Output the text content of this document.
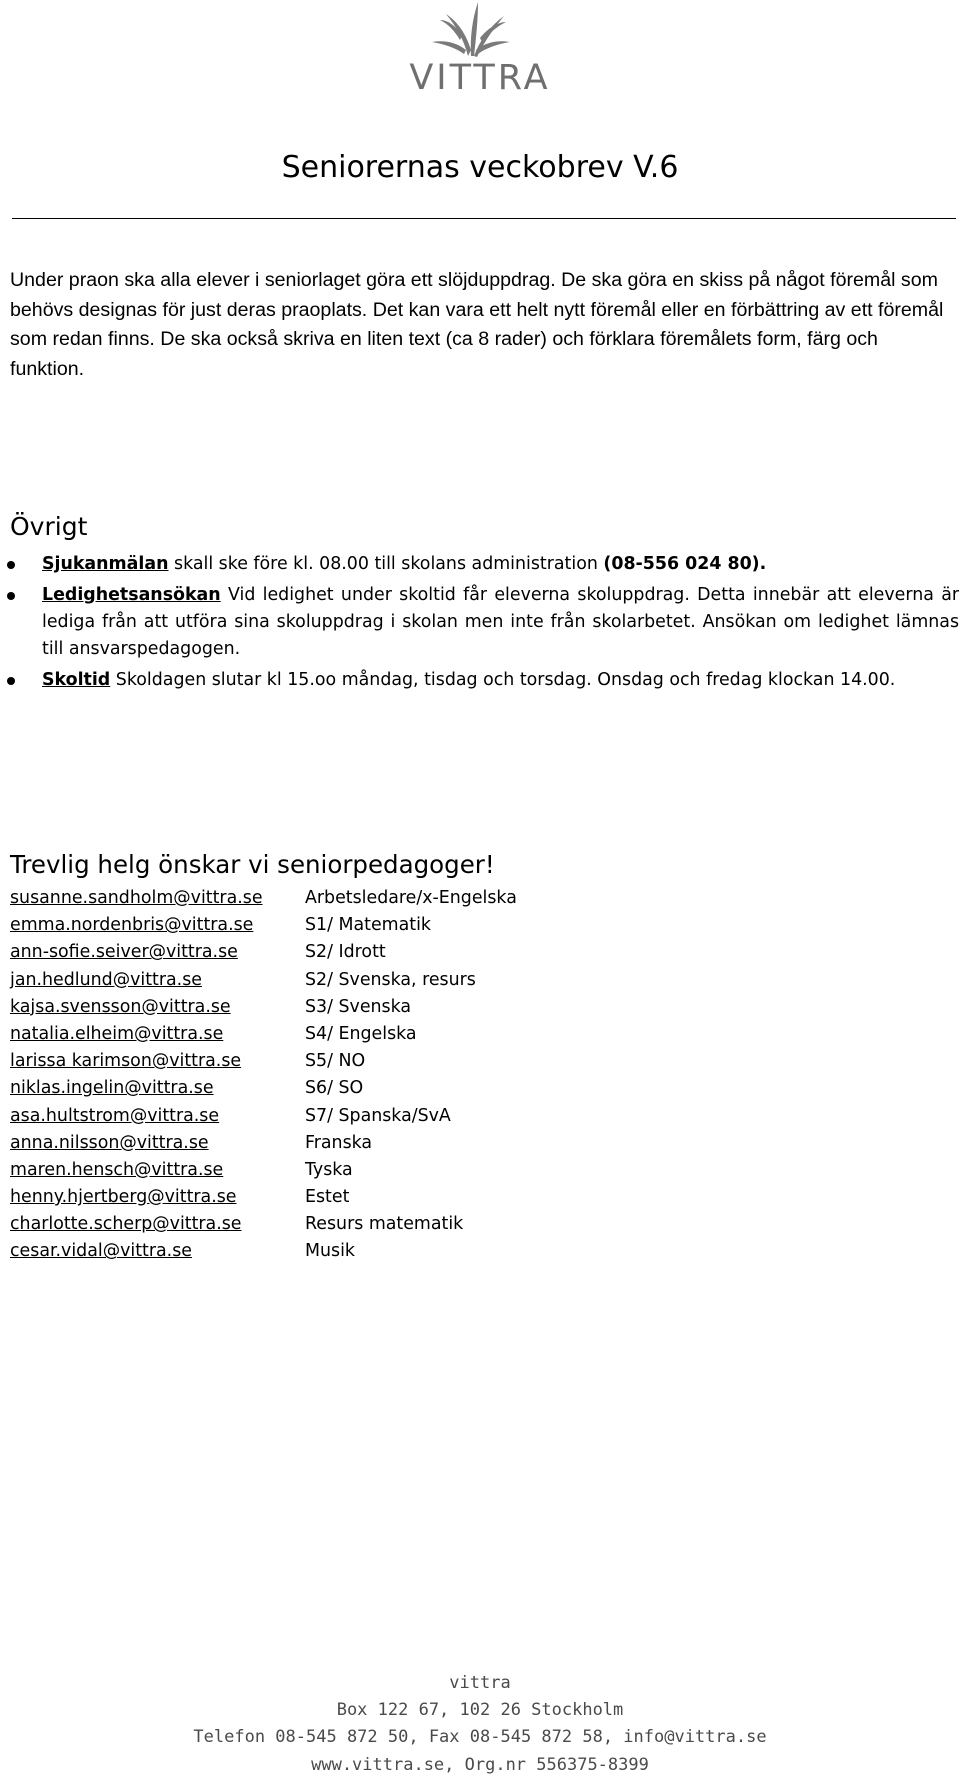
VITTRA
Seniorernas veckobrev V.6

Under praon ska alla elever i seniorlaget göra ett slöjduppdrag. De ska göra en skiss på något föremål som behövs designas för just deras praoplats. Det kan vara ett helt nytt föremål eller en förbättring av ett föremål som redan finns. De ska också skriva en liten text (ca 8 rader) och förklara föremålets form, färg och funktion.

Övrigt
Sjukanmälan skall ske före kl. 08.00 till skolans administration (08-556 024 80).
Ledighetsansökan Vid ledighet under skoltid får eleverna skoluppdrag. Detta innebär att eleverna är lediga från att utföra sina skoluppdrag i skolan men inte från skolarbetet. Ansökan om ledighet lämnas till ansvarspedagogen.
Skoltid Skoldagen slutar kl 15.oo måndag, tisdag och torsdag. Onsdag och fredag klockan 14.00.
Trevlig helg önskar vi seniorpedagoger!
susanne.sandholm@vittra.se Arbetsledare/x-Engelska
emma.nordenbris@vittra.se	S1/ Matematik
ann-sofie.seiver@vittra.se	S2/ Idrott
jan.hedlund@vittra.se	S2/ Svenska, resurs
kajsa.svensson@vittra.se	S3/ Svenska
natalia.elheim@vittra.se	S4/ Engelska
larissa karimson@vittra.se	S5/ NO
niklas.ingelin@vittra.se	S6/ SO
asa.hultstrom@vittra.se	S7/ Spanska/SvA
anna.nilsson@vittra.se	Franska
maren.hensch@vittra.se	Tyska
henny.hjertberg@vittra.se	Estet
charlotte.scherp@vittra.se	Resurs matematik
cesar.vidal@vittra.se	Musik
vittra
Box 122 67, 102 26 Stockholm
Telefon 08-545 872 50, Fax 08-545 872 58, info@vittra.se
www.vittra.se, Org.nr 556375-8399
